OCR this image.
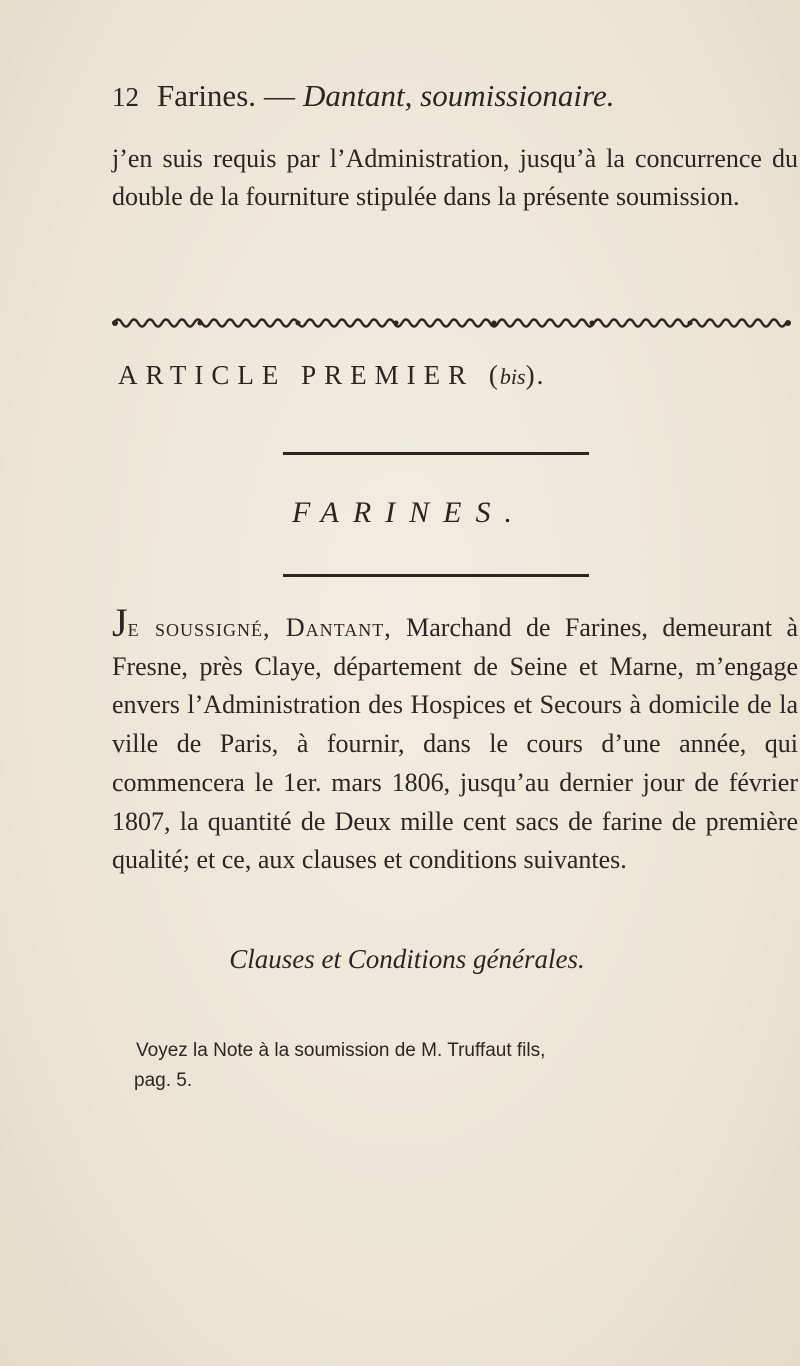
12 Farines. — Dantant, soumissionaire.
j’en suis requis par l’Administration, jusqu’à la concurrence du double de la fourniture stipulée dans la présente soumission.
ARTICLE PREMIER (bis).
FARINES.
Je soussigné, Dantant, Marchand de Farines, demeurant à Fresne, près Claye, département de Seine et Marne, m’engage envers l’Administration des Hospices et Secours à domicile de la ville de Paris, à fournir, dans le cours d’une année, qui commencera le 1er. mars 1806, jusqu’au dernier jour de février 1807, la quantité de Deux mille cent sacs de farine de première qualité; et ce, aux clauses et conditions suivantes.
Clauses et Conditions générales.
Voyez la Note à la soumission de M. Truffaut fils,
pag. 5.
